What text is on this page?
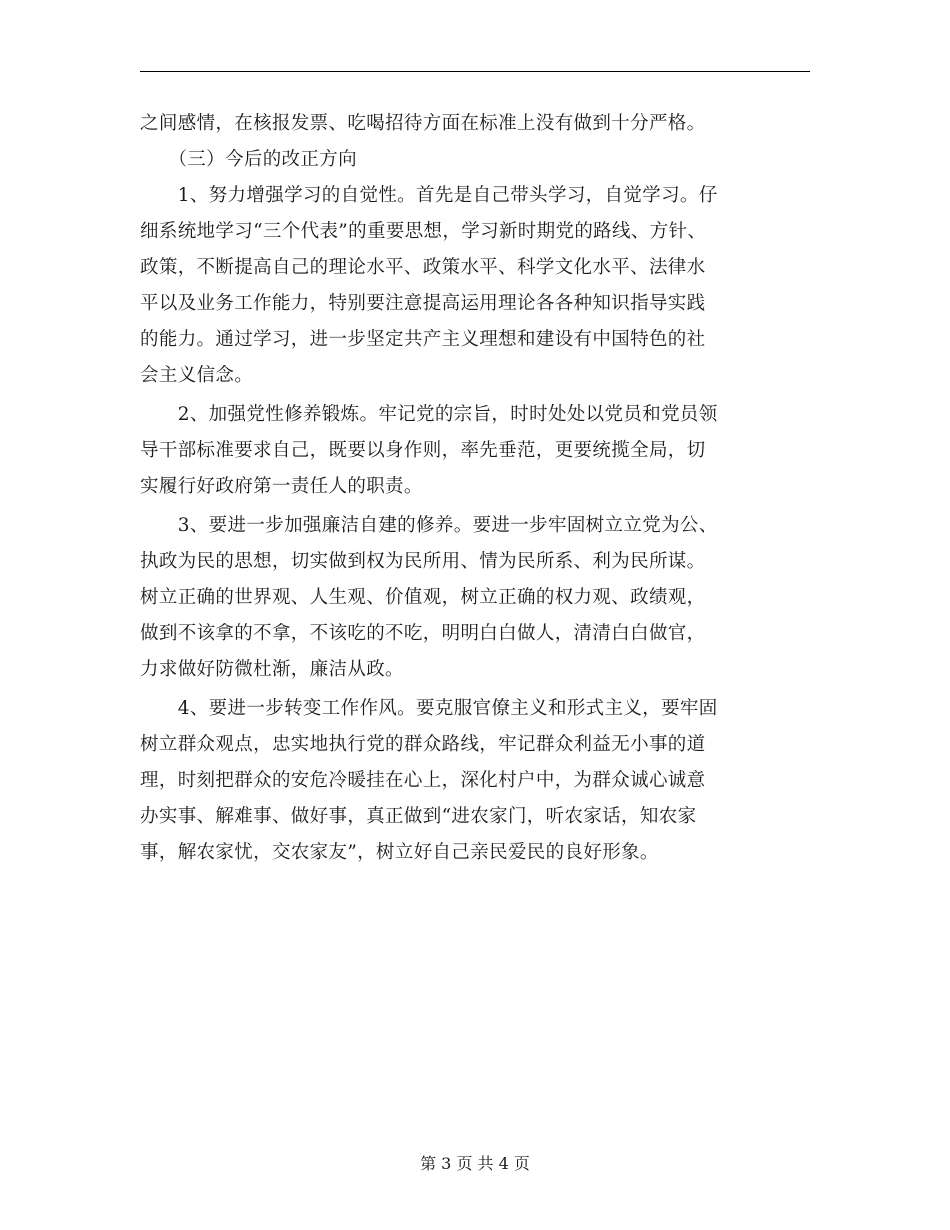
之间感情，在核报发票、吃喝招待方面在标准上没有做到十分严格。
　　（三）今后的改正方向
　　1、努力增强学习的自觉性。首先是自己带头学习，自觉学习。仔
细系统地学习“三个代表”的重要思想，学习新时期党的路线、方针、
政策，不断提高自己的理论水平、政策水平、科学文化水平、法律水
平以及业务工作能力，特别要注意提高运用理论各各种知识指导实践
的能力。通过学习，进一步坚定共产主义理想和建设有中国特色的社
会主义信念。
　　2、加强党性修养锻炼。牢记党的宗旨，时时处处以党员和党员领
导干部标准要求自己，既要以身作则，率先垂范，更要统揽全局，切
实履行好政府第一责任人的职责。
　　3、要进一步加强廉洁自建的修养。要进一步牢固树立立党为公、
执政为民的思想，切实做到权为民所用、情为民所系、利为民所谋。
树立正确的世界观、人生观、价值观，树立正确的权力观、政绩观，
做到不该拿的不拿，不该吃的不吃，明明白白做人，清清白白做官，
力求做好防微杜渐，廉洁从政。
　　4、要进一步转变工作作风。要克服官僚主义和形式主义，要牢固
树立群众观点，忠实地执行党的群众路线，牢记群众利益无小事的道
理，时刻把群众的安危冷暖挂在心上，深化村户中，为群众诚心诚意
办实事、解难事、做好事，真正做到“进农家门，听农家话，知农家
事，解农家忧，交农家友”，树立好自己亲民爱民的良好形象。
第 3 页 共 4 页
